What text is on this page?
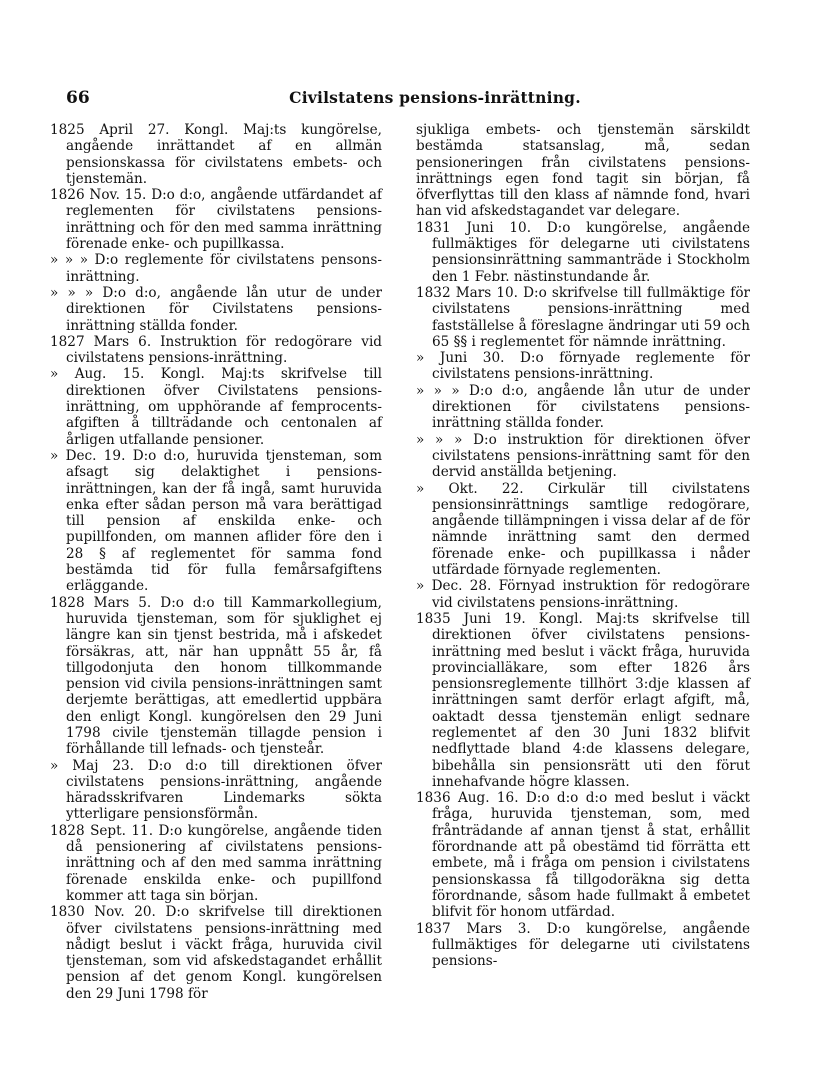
66	Civilstatens pensions-inrättning.

1825 April 27. Kongl. Maj:ts kungörelse, angående inrättandet af en allmän pensionskassa för civilstatens embets- och tjenstemän.

1826 Nov. 15. D:o d:o, angående utfärdandet af reglementen för civilstatens pensions-inrättning och för den med samma inrättning förenade enke- och pupillkassa.

» » » D:o reglemente för civilstatens pensons-inrättning.

» » » D:o d:o, angående lån utur de under direktionen för Civilstatens pensions-inrättning ställda fonder.

1827 Mars 6. Instruktion för redogörare vid civilstatens pensions-inrättning.

» Aug. 15. Kongl. Maj:ts skrifvelse till direktionen öfver Civilstatens pensions-inrättning, om upphörande af femprocents-afgiften å tillträdande och centonalen af årligen utfallande pensioner.

» Dec. 19. D:o d:o, huruvida tjensteman, som afsagt sig delaktighet i pensions-inrättningen, kan der få ingå, samt huruvida enka efter sådan person må vara berättigad till pension af enskilda enke- och pupillfonden, om mannen aflider före den i 28 § af reglementet för samma fond bestämda tid för fulla femårsafgiftens erläggande.

1828 Mars 5. D:o d:o till Kammarkollegium, huruvida tjensteman, som för sjuklighet ej längre kan sin tjenst bestrida, må i afskedet försäkras, att, när han uppnått 55 år, få tillgodonjuta den honom tillkommande pension vid civila pensions-inrättningen samt derjemte berättigas, att emedlertid uppbära den enligt Kongl. kungörelsen den 29 Juni 1798 civile tjenstemän tillagde pension i förhållande till lefnads- och tjensteår.

» Maj 23. D:o d:o till direktionen öfver civilstatens pensions-inrättning, angående häradsskrifvaren Lindemarks sökta ytterligare pensionsförmån.

1828 Sept. 11. D:o kungörelse, angående tiden då pensionering af civilstatens pensions-inrättning och af den med samma inrättning förenade enskilda enke- och pupillfond kommer att taga sin början.

1830 Nov. 20. D:o skrifvelse till direktionen öfver civilstatens pensions-inrättning med nådigt beslut i väckt fråga, huruvida civil tjensteman, som vid afskedstagandet erhållit pension af det genom Kongl. kungörelsen den 29 Juni 1798 för

sjukliga embets- och tjenstemän särskildt bestämda statsanslag, må, sedan pensioneringen från civilstatens pensions-inrättnings egen fond tagit sin början, få öfverflyttas till den klass af nämnde fond, hvari han vid afskedstagandet var delegare.

1831 Juni 10. D:o kungörelse, angående fullmäktiges för delegarne uti civilstatens pensionsinrättning sammanträde i Stockholm den 1 Febr. nästinstundande år.

1832 Mars 10. D:o skrifvelse till fullmäktige för civilstatens pensions-inrättning med fastställelse å föreslagne ändringar uti 59 och 65 §§ i reglementet för nämnde inrättning.

» Juni 30. D:o förnyade reglemente för civilstatens pensions-inrättning.

» » » D:o d:o, angående lån utur de under direktionen för civilstatens pensions-inrättning ställda fonder.

» » » D:o instruktion för direktionen öfver civilstatens pensions-inrättning samt för den dervid anställda betjening.

» Okt. 22. Cirkulär till civilstatens pensionsinrättnings samtlige redogörare, angående tillämpningen i vissa delar af de för nämnde inrättning samt den dermed förenade enke- och pupillkassa i nåder utfärdade förnyade reglementen.

» Dec. 28. Förnyad instruktion för redogörare vid civilstatens pensions-inrättning.

1835 Juni 19. Kongl. Maj:ts skrifvelse till direktionen öfver civilstatens pensions-inrättning med beslut i väckt fråga, huruvida provincialläkare, som efter 1826 års pensionsreglemente tillhört 3:dje klassen af inrättningen samt derför erlagt afgift, må, oaktadt dessa tjenstemän enligt sednare reglementet af den 30 Juni 1832 blifvit nedflyttade bland 4:de klassens delegare, bibehålla sin pensionsrätt uti den förut innehafvande högre klassen.

1836 Aug. 16. D:o d:o d:o med beslut i väckt fråga, huruvida tjensteman, som, med frånträdande af annan tjenst å stat, erhållit förordnande att på obestämd tid förrätta ett embete, må i fråga om pension i civilstatens pensionskassa få tillgodoräkna sig detta förordnande, såsom hade fullmakt å embetet blifvit för honom utfärdad.

1837 Mars 3. D:o kungörelse, angående fullmäktiges för delegarne uti civilstatens pensions-
